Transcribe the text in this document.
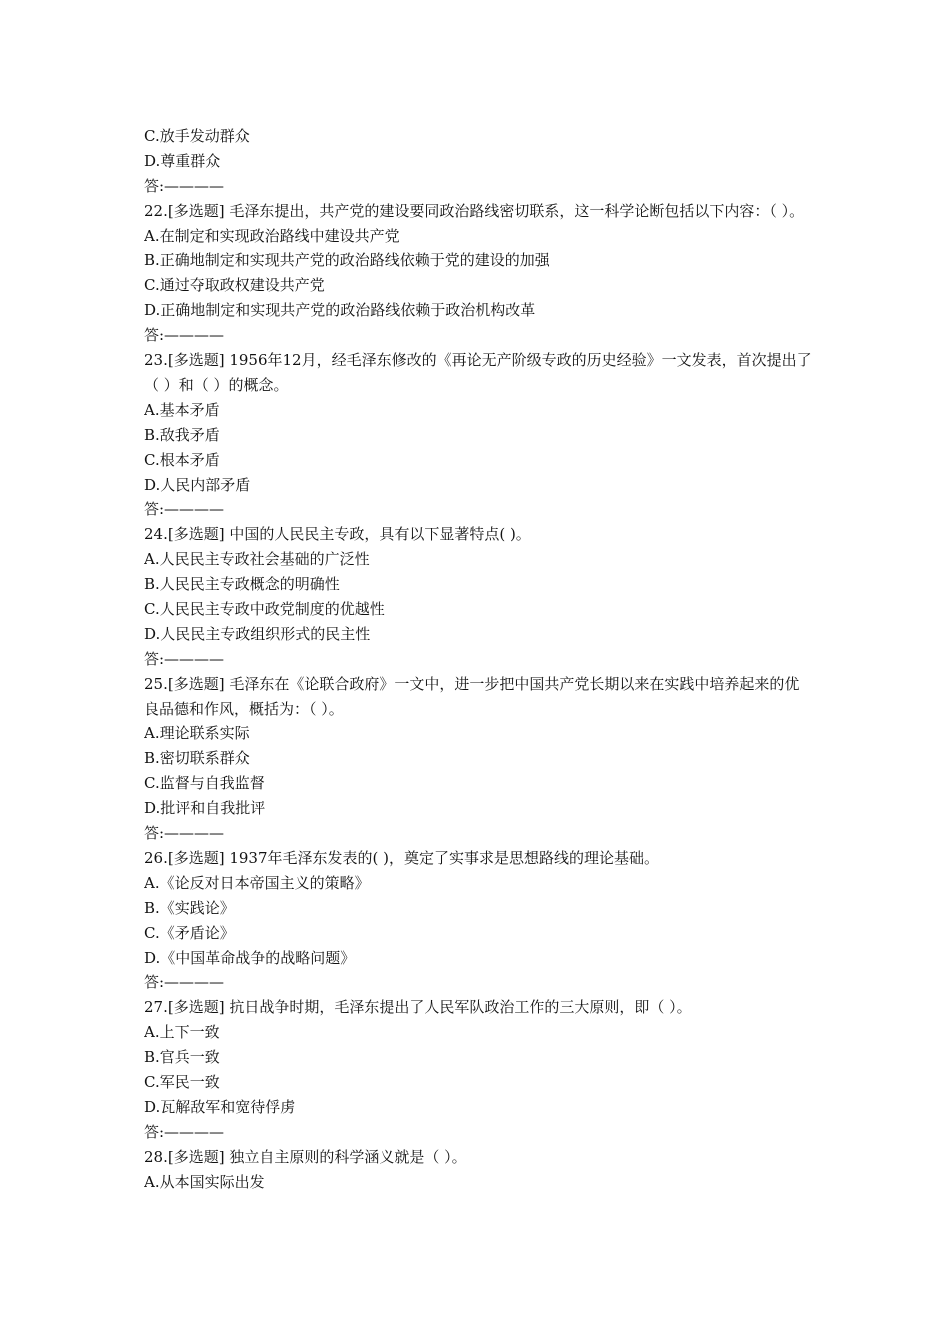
C.放手发动群众
D.尊重群众
答:————
22.[多选题] 毛泽东提出，共产党的建设要同政治路线密切联系，这一科学论断包括以下内容：（ ）。
A.在制定和实现政治路线中建设共产党
B.正确地制定和实现共产党的政治路线依赖于党的建设的加强
C.通过夺取政权建设共产党
D.正确地制定和实现共产党的政治路线依赖于政治机构改革
答:————
23.[多选题] 1956年12月，经毛泽东修改的《再论无产阶级专政的历史经验》一文发表，首次提出了（ ）和（ ）的概念。
A.基本矛盾
B.敌我矛盾
C.根本矛盾
D.人民内部矛盾
答:————
24.[多选题] 中国的人民民主专政，具有以下显著特点( )。
A.人民民主专政社会基础的广泛性
B.人民民主专政概念的明确性
C.人民民主专政中政党制度的优越性
D.人民民主专政组织形式的民主性
答:————
25.[多选题] 毛泽东在《论联合政府》一文中，进一步把中国共产党长期以来在实践中培养起来的优良品德和作风，概括为：（ ）。
A.理论联系实际
B.密切联系群众
C.监督与自我监督
D.批评和自我批评
答:————
26.[多选题] 1937年毛泽东发表的( )，奠定了实事求是思想路线的理论基础。
A.《论反对日本帝国主义的策略》
B.《实践论》
C.《矛盾论》
D.《中国革命战争的战略问题》
答:————
27.[多选题] 抗日战争时期，毛泽东提出了人民军队政治工作的三大原则，即（ ）。
A.上下一致
B.官兵一致
C.军民一致
D.瓦解敌军和宽待俘虏
答:————
28.[多选题] 独立自主原则的科学涵义就是（ ）。
A.从本国实际出发
